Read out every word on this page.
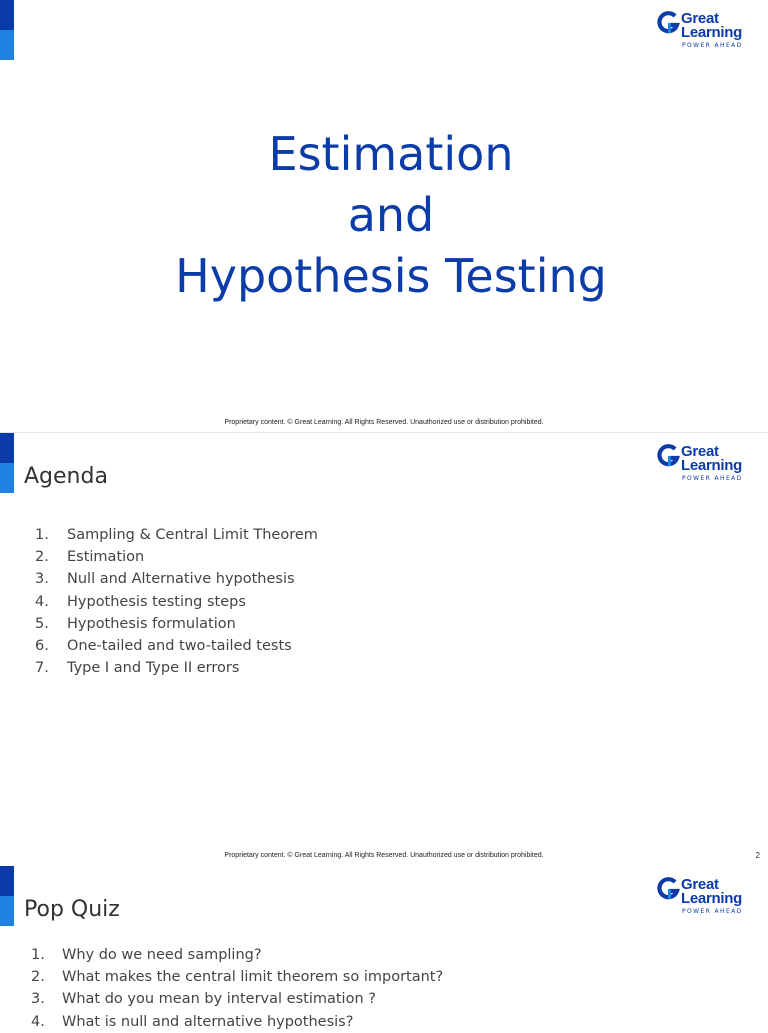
Great
Learning
POWER AHEAD
Estimation
and
Hypothesis Testing
Proprietary content. © Great Learning. All Rights Reserved. Unauthorized use or distribution prohibited.
Great
Learning
POWER AHEAD
Agenda
1. Sampling & Central Limit Theorem
2. Estimation
3. Null and Alternative hypothesis
4. Hypothesis testing steps
5. Hypothesis formulation
6. One-tailed and two-tailed tests
7. Type I and Type II errors
Proprietary content. © Great Learning. All Rights Reserved. Unauthorized use or distribution prohibited.	2
Great
Learning
POWER AHEAD
Pop Quiz
1. Why do we need sampling?
2. What makes the central limit theorem so important?
3. What do you mean by interval estimation ?
4. What is null and alternative hypothesis?
